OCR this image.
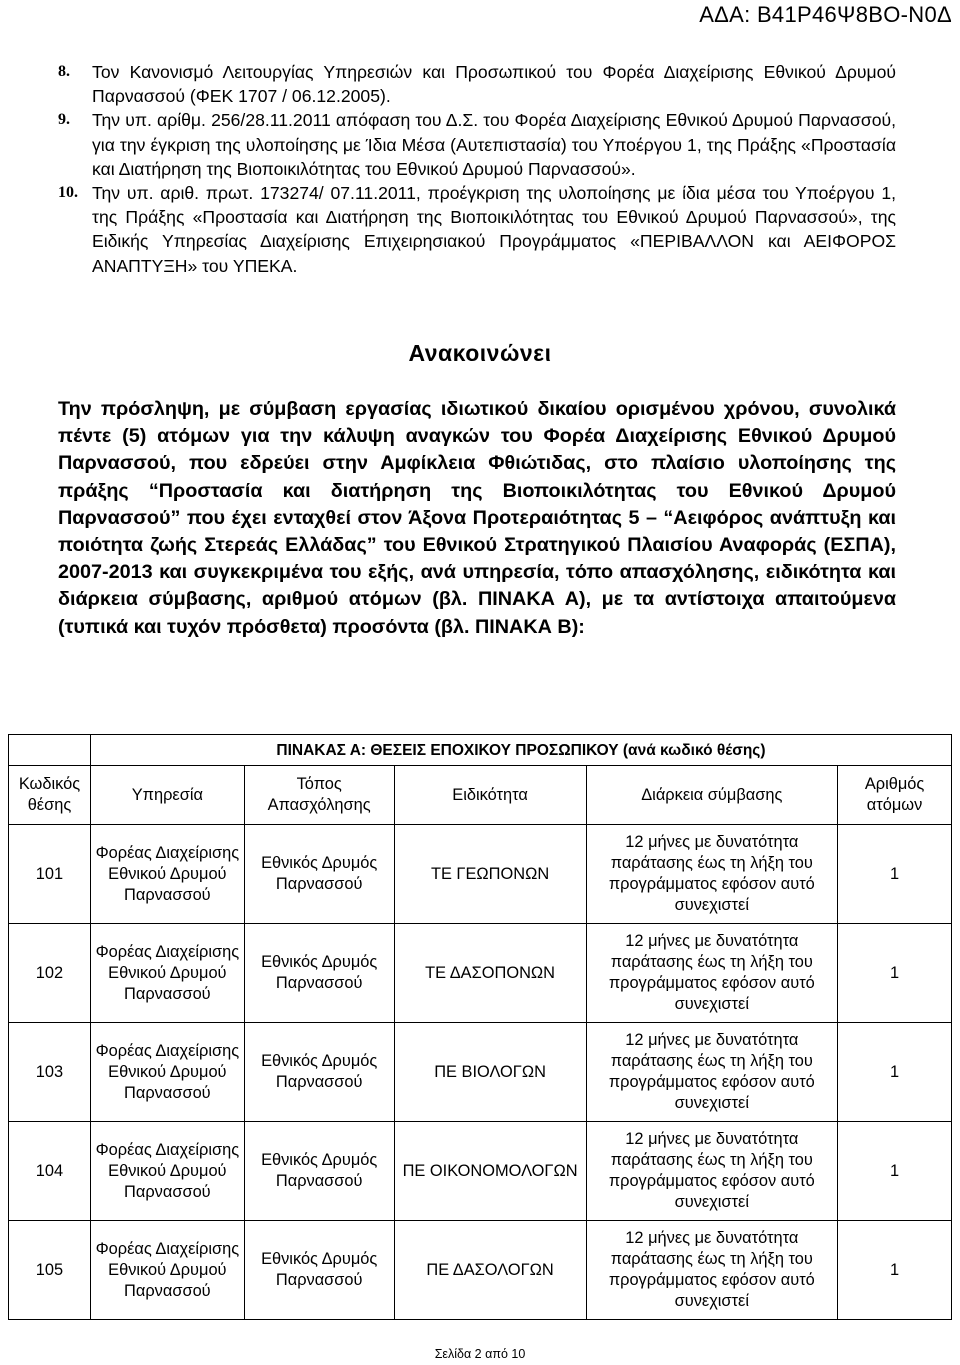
ΑΔΑ: Β41Ρ46Ψ8ΒΟ-Ν0Δ
8.	Τον Κανονισμό Λειτουργίας Υπηρεσιών και Προσωπικού του Φορέα Διαχείρισης Εθνικού Δρυμού Παρνασσού (ΦΕΚ 1707 / 06.12.2005).
9.	Την υπ. αρίθμ. 256/28.11.2011 απόφαση του Δ.Σ. του Φορέα Διαχείρισης Εθνικού Δρυμού Παρνασσού, για την έγκριση της υλοποίησης με Ίδια Μέσα (Αυτεπιστασία) του Υποέργου 1, της Πράξης «Προστασία και Διατήρηση της Βιοποικιλότητας του Εθνικού Δρυμού Παρνασσού».
10. Την υπ. αριθ. πρωτ. 173274/ 07.11.2011, προέγκριση της υλοποίησης με ίδια μέσα του Υποέργου 1, της Πράξης «Προστασία και Διατήρηση της Βιοποικιλότητας του Εθνικού Δρυμού Παρνασσού», της Ειδικής Υπηρεσίας Διαχείρισης Επιχειρησιακού Προγράμματος «ΠΕΡΙΒΑΛΛΟΝ και ΑΕΙΦΟΡΟΣ ΑΝΑΠΤΥΞΗ» του ΥΠΕΚΑ.
Ανακοινώνει
Την πρόσληψη, με σύμβαση εργασίας ιδιωτικού δικαίου ορισμένου χρόνου, συνολικά πέντε (5) ατόμων για την κάλυψη αναγκών του Φορέα Διαχείρισης Εθνικού Δρυμού Παρνασσού, που εδρεύει στην Αμφίκλεια Φθιώτιδας, στο πλαίσιο υλοποίησης της πράξης “Προστασία και διατήρηση της Βιοποικιλότητας του Εθνικού Δρυμού Παρνασσού” που έχει ενταχθεί στον Άξονα Προτεραιότητας 5 – “Αειφόρος ανάπτυξη και ποιότητα ζωής Στερεάς Ελλάδας” του Εθνικού Στρατηγικού Πλαισίου Αναφοράς (ΕΣΠΑ), 2007-2013 και συγκεκριμένα του εξής, ανά υπηρεσία, τόπο απασχόλησης, ειδικότητα και διάρκεια σύμβασης, αριθμού ατόμων (βλ. ΠΙΝΑΚΑ Α), με τα αντίστοιχα απαιτούμενα (τυπικά και τυχόν πρόσθετα) προσόντα (βλ. ΠΙΝΑΚΑ Β):
	ΠΙΝΑΚΑΣ Α: ΘΕΣΕΙΣ ΕΠΟΧΙΚΟΥ ΠΡΟΣΩΠΙΚΟΥ (ανά κωδικό θέσης)				
Κωδικός θέσης	Υπηρεσία	Τόπος Απασχόλησης	Ειδικότητα	Διάρκεια σύμβασης	Αριθμός ατόμων
101	Φορέας Διαχείρισης Εθνικού Δρυμού Παρνασσού	Εθνικός Δρυμός Παρνασσού	ΤΕ ΓΕΩΠΟΝΩΝ	12 μήνες με δυνατότητα παράτασης έως τη λήξη του προγράμματος εφόσον αυτό συνεχιστεί	1
102	Φορέας Διαχείρισης Εθνικού Δρυμού Παρνασσού	Εθνικός Δρυμός Παρνασσού	ΤΕ ΔΑΣΟΠΟΝΩΝ	12 μήνες με δυνατότητα παράτασης έως τη λήξη του προγράμματος εφόσον αυτό συνεχιστεί	1
103	Φορέας Διαχείρισης Εθνικού Δρυμού Παρνασσού	Εθνικός Δρυμός Παρνασσού	ΠΕ ΒΙΟΛΟΓΩΝ	12 μήνες με δυνατότητα παράτασης έως τη λήξη του προγράμματος εφόσον αυτό συνεχιστεί	1
104	Φορέας Διαχείρισης Εθνικού Δρυμού Παρνασσού	Εθνικός Δρυμός Παρνασσού	ΠΕ ΟΙΚΟΝΟΜΟΛΟΓΩΝ	12 μήνες με δυνατότητα παράτασης έως τη λήξη του προγράμματος εφόσον αυτό συνεχιστεί	1
105	Φορέας Διαχείρισης Εθνικού Δρυμού Παρνασσού	Εθνικός Δρυμός Παρνασσού	ΠΕ ΔΑΣΟΛΟΓΩΝ	12 μήνες με δυνατότητα παράτασης έως τη λήξη του προγράμματος εφόσον αυτό συνεχιστεί	1
Σελίδα 2 από 10
